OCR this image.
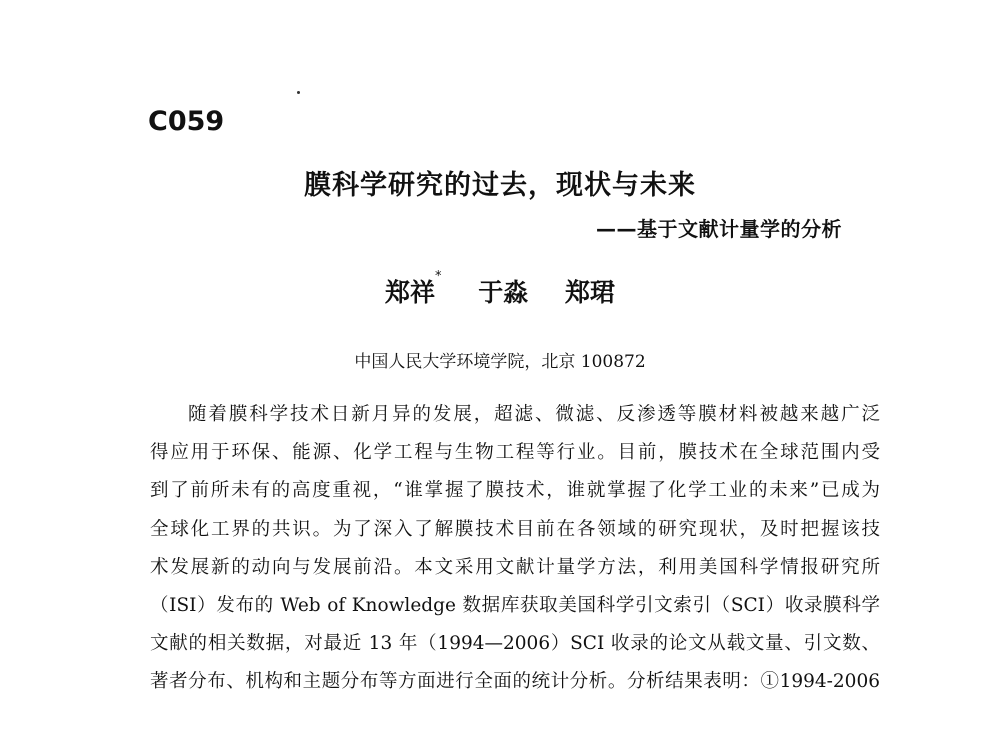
C059
膜科学研究的过去，现状与未来
——基于文献计量学的分析
郑祥* 于淼 郑珺
中国人民大学环境学院，北京 100872
随着膜科学技术日新月异的发展，超滤、微滤、反渗透等膜材料被越来越广泛
得应用于环保、能源、化学工程与生物工程等行业。目前，膜技术在全球范围内受
到了前所未有的高度重视，“谁掌握了膜技术，谁就掌握了化学工业的未来”已成为
全球化工界的共识。为了深入了解膜技术目前在各领域的研究现状，及时把握该技
术发展新的动向与发展前沿。本文采用文献计量学方法，利用美国科学情报研究所
（ISI）发布的 Web of Knowledge 数据库获取美国科学引文索引（SCI）收录膜科学
文献的相关数据，对最近 13 年（1994—2006）SCI 收录的论文从载文量、引文数、
著者分布、机构和主题分布等方面进行全面的统计分析。分析结果表明：①1994-2006
